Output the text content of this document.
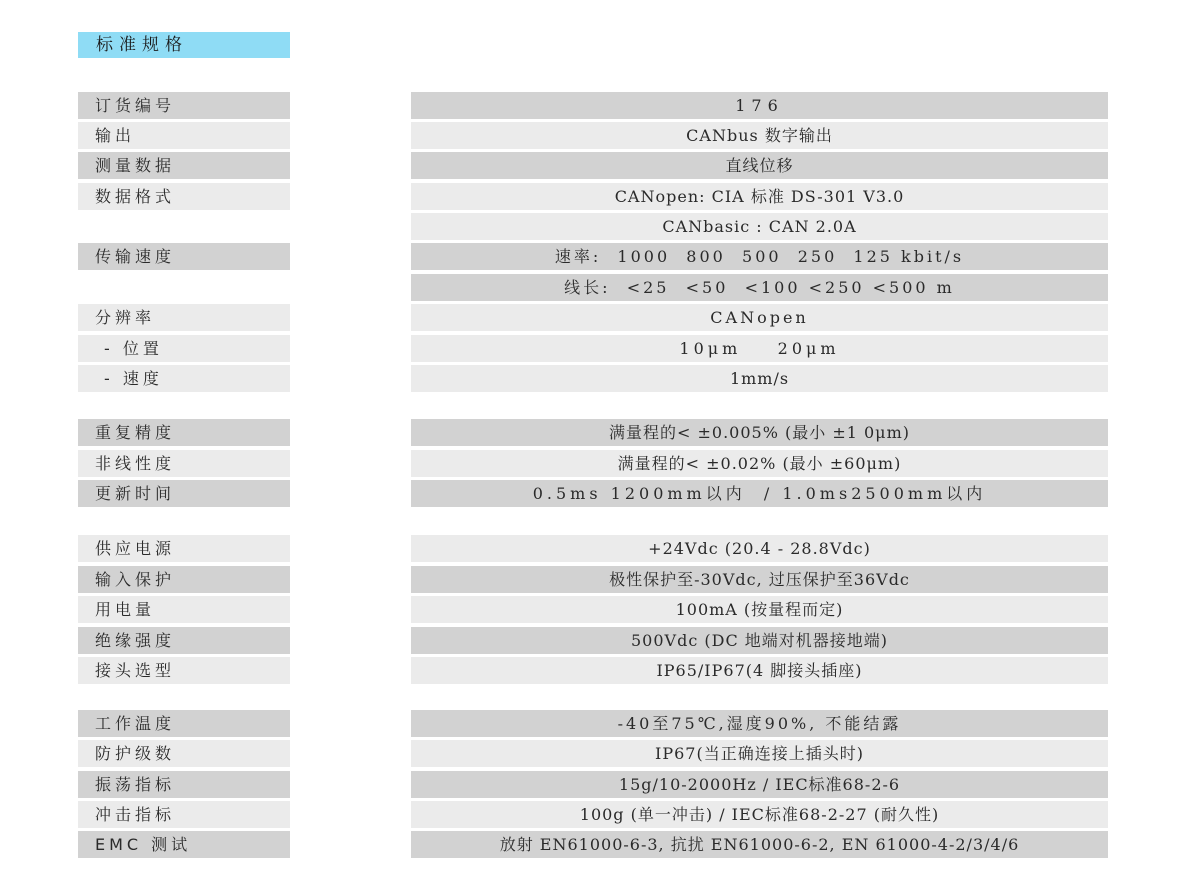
标准规格
订货编号	176
输出	CANbus 数字输出
测量数据	直线位移
数据格式	CANopen: CIA 标准 DS-301 V3.0
CANbasic : CAN 2.0A
传输速度	速率:  1000  800  500  250  125 kbit/s
线长:  <25  <50  <100 <250 <500 m
分辨率	CANopen
- 位置	10μm    20μm
- 速度	1mm/s
重复精度	满量程的< ±0.005% (最小 ±1 0μm)
非线性度	满量程的< ±0.02% (最小 ±60μm)
更新时间	0.5ms 1200mm以内  / 1.0ms2500mm以内
供应电源	+24Vdc (20.4 - 28.8Vdc)
输入保护	极性保护至-30Vdc, 过压保护至36Vdc
用电量	100mA (按量程而定)
绝缘强度	500Vdc (DC 地端对机器接地端)
接头选型	IP65/IP67(4 脚接头插座)
工作温度	-40至75℃,湿度90%, 不能结露
防护级数	IP67(当正确连接上插头时)
振荡指标	15g/10-2000Hz / IEC标准68-2-6
冲击指标	100g (单一冲击) / IEC标准68-2-27 (耐久性)
EMC 测试	放射 EN61000-6-3, 抗扰 EN61000-6-2, EN 61000-4-2/3/4/6
